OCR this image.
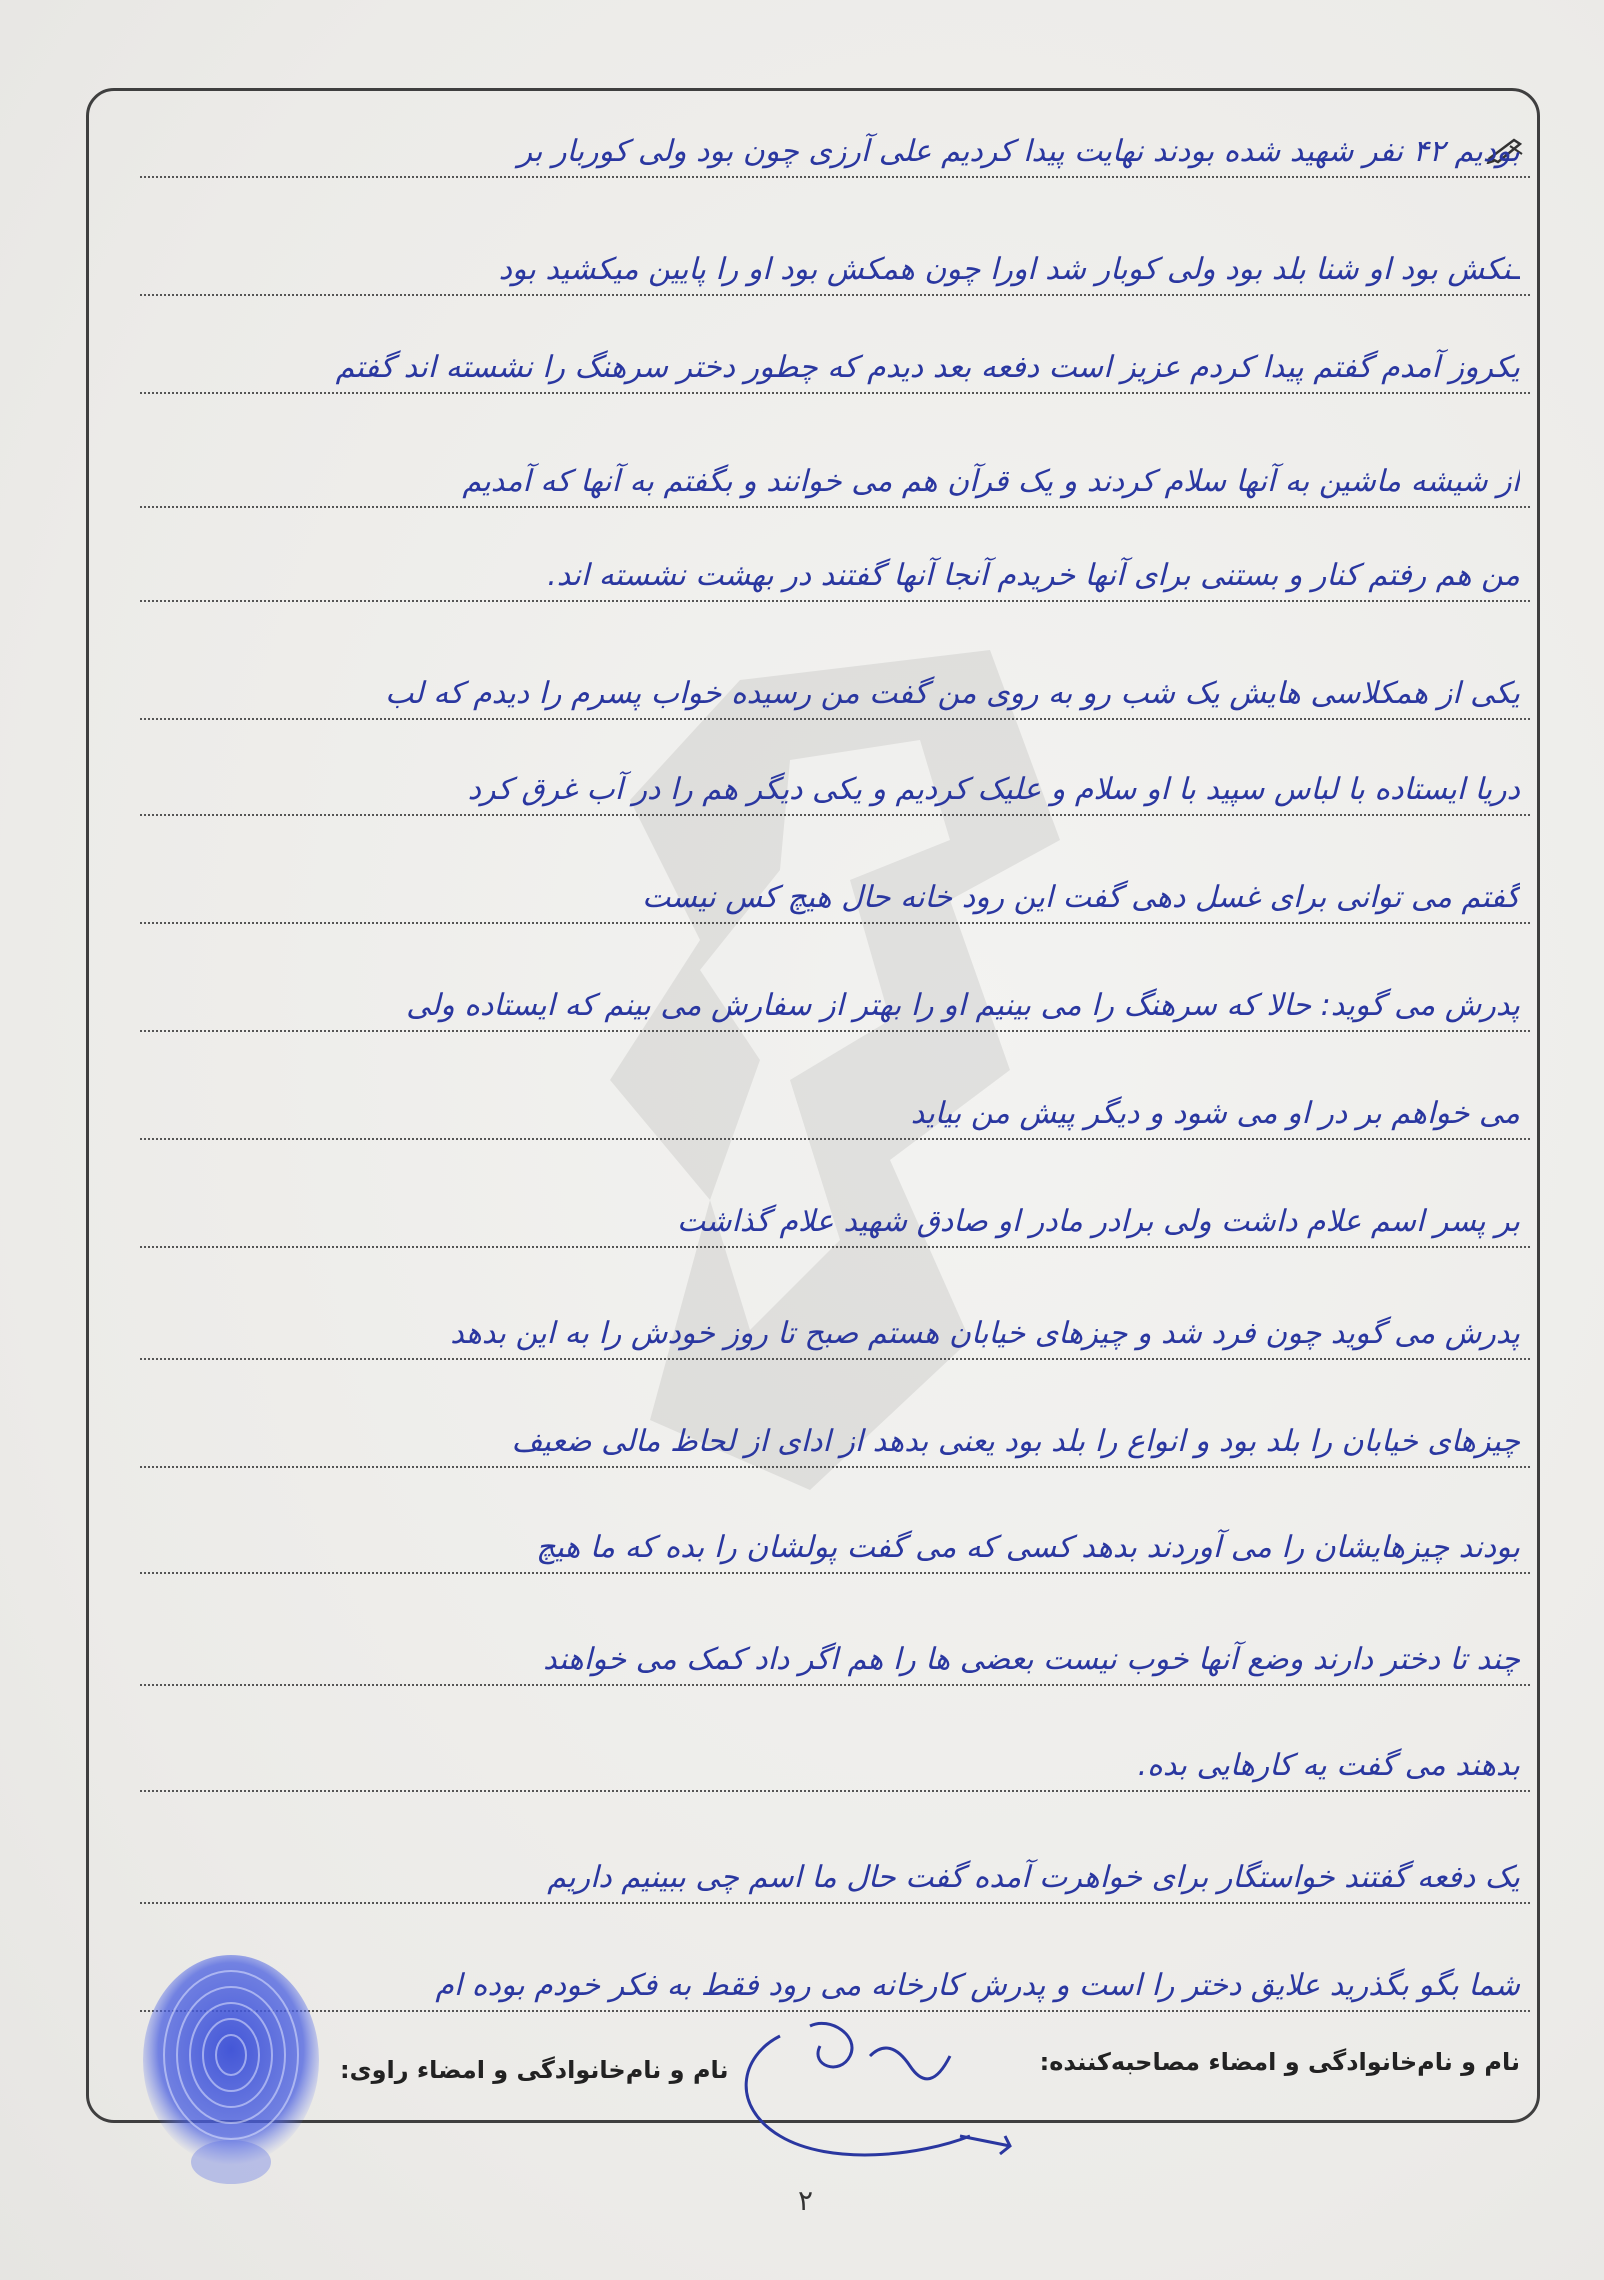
بودیم ۴۲ نفر شهید شده بودند نهایت پیدا کردیم علی آرزی چون بود ولی کوربار بر
ـنکش بود او شنا بلد بود ولی کوبار شد اورا چون همکش بود او را پایین میکشید بود
یکروز آمدم گفتم پیدا کردم عزیز است دفعه بعد دیدم که چطور دختر سرهنگ را نشسته اند گفتم
از شیشه ماشین به آنها سلام کردند و یک قرآن هم می خوانند و بگفتم به آنها که آمدیم
من هم رفتم کنار و بستنی برای آنها خریدم آنجا آنها گفتند در بهشت نشسته اند.
یکی از همکلاسی هایش یک شب رو به روی من گفت من رسیده خواب پسرم را دیدم که لب
دریا ایستاده با لباس سپید با او سلام و علیک کردیم و یکی دیگر هم را در آب غرق کرد
گفتم می توانی برای غسل دهی گفت این رود خانه حال هیچ کس نیست
پدرش می گوید: حالا که سرهنگ را می بینیم او را بهتر از سفارش می بینم که ایستاده ولی
می خواهم بر در او می شود و دیگر پیش من بیاید
بر پسر اسم علام داشت ولی برادر مادر او صادق شهید علام گذاشت
پدرش می گوید چون فرد شد و چیزهای خیابان هستم صبح تا روز خودش را به این بدهد
چیزهای خیابان را بلد بود و انواع را بلد بود یعنی بدهد از ادای از لحاظ مالی ضعیف
بودند چیزهایشان را می آوردند بدهد کسی که می گفت پولشان را بده که ما هیچ
چند تا دختر دارند وضع آنها خوب نیست بعضی ها را هم اگر داد کمک می خواهند
بدهند می گفت یه کارهایی بده.
یک دفعه گفتند خواستگار برای خواهرت آمده گفت حال ما اسم چی ببینیم داریم
شما بگو بگذرید علایق دختر را است و پدرش کارخانه می رود فقط به فکر خودم بوده ام
نام و نام‌خانوادگی و امضاء مصاحبه‌کننده:
نام و نام‌خانوادگی و امضاء راوی:
۲
